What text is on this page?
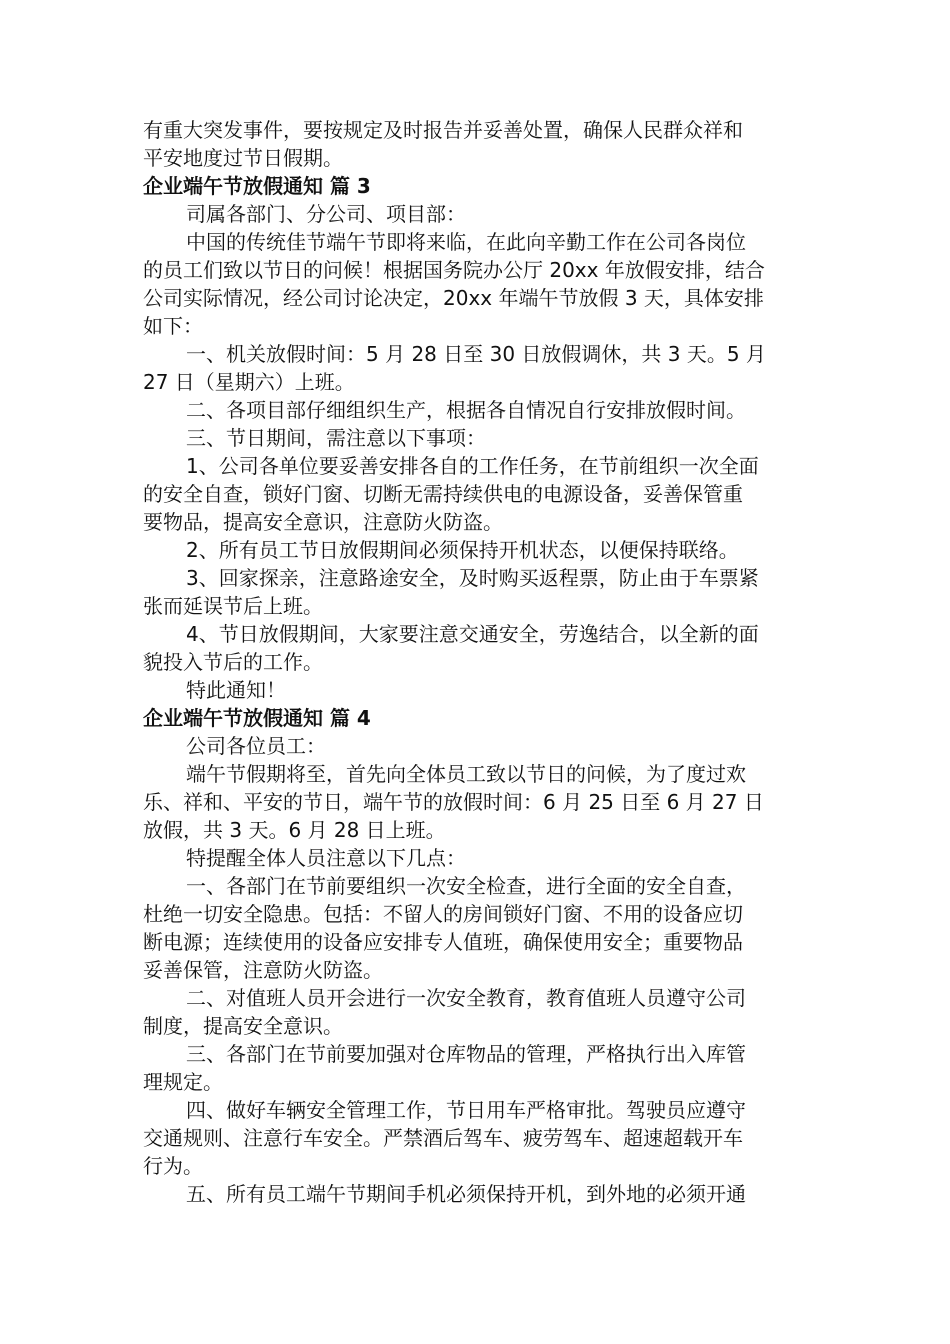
有重大突发事件，要按规定及时报告并妥善处置，确保人民群众祥和
平安地度过节日假期。
企业端午节放假通知 篇 3
司属各部门、分公司、项目部：
中国的传统佳节端午节即将来临，在此向辛勤工作在公司各岗位
的员工们致以节日的问候！根据国务院办公厅 20xx 年放假安排，结合
公司实际情况，经公司讨论决定，20xx 年端午节放假 3 天，具体安排
如下：
一、机关放假时间：5 月 28 日至 30 日放假调休，共 3 天。5 月
27 日（星期六）上班。
二、各项目部仔细组织生产，根据各自情况自行安排放假时间。
三、节日期间，需注意以下事项：
1、公司各单位要妥善安排各自的工作任务，在节前组织一次全面
的安全自查，锁好门窗、切断无需持续供电的电源设备，妥善保管重
要物品，提高安全意识，注意防火防盗。
2、所有员工节日放假期间必须保持开机状态，以便保持联络。
3、回家探亲，注意路途安全，及时购买返程票，防止由于车票紧
张而延误节后上班。
4、节日放假期间，大家要注意交通安全，劳逸结合，以全新的面
貌投入节后的工作。
特此通知！
企业端午节放假通知 篇 4
公司各位员工：
端午节假期将至，首先向全体员工致以节日的问候，为了度过欢
乐、祥和、平安的节日，端午节的放假时间：6 月 25 日至 6 月 27 日
放假，共 3 天。6 月 28 日上班。
特提醒全体人员注意以下几点：
一、各部门在节前要组织一次安全检查，进行全面的安全自查，
杜绝一切安全隐患。包括：不留人的房间锁好门窗、不用的设备应切
断电源；连续使用的设备应安排专人值班，确保使用安全；重要物品
妥善保管，注意防火防盗。
二、对值班人员开会进行一次安全教育，教育值班人员遵守公司
制度，提高安全意识。
三、各部门在节前要加强对仓库物品的管理，严格执行出入库管
理规定。
四、做好车辆安全管理工作，节日用车严格审批。驾驶员应遵守
交通规则、注意行车安全。严禁酒后驾车、疲劳驾车、超速超载开车
行为。
五、所有员工端午节期间手机必须保持开机，到外地的必须开通
